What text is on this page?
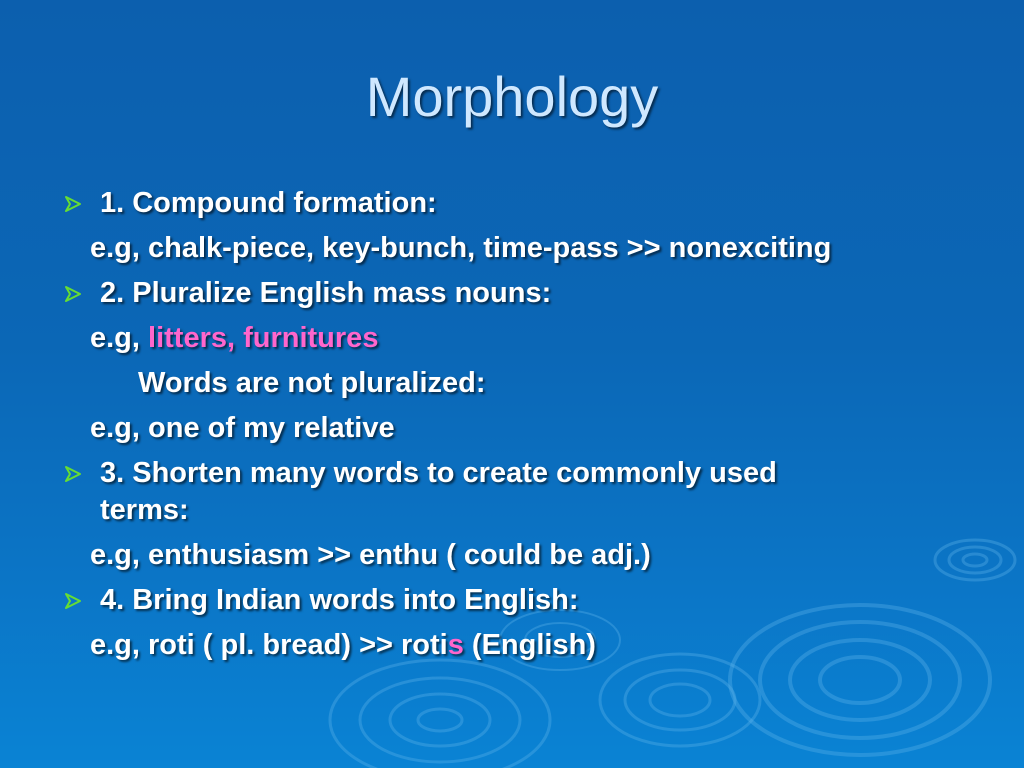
Morphology
1. Compound formation:
e.g, chalk-piece, key-bunch, time-pass >> nonexciting
2. Pluralize English mass nouns:
e.g, litters, furnitures
Words are not pluralized:
e.g, one of my relative
3. Shorten many words to create commonly used
terms:
e.g, enthusiasm >> enthu ( could be adj.)
4. Bring Indian words into English:
e.g, roti ( pl. bread) >> rotis (English)
